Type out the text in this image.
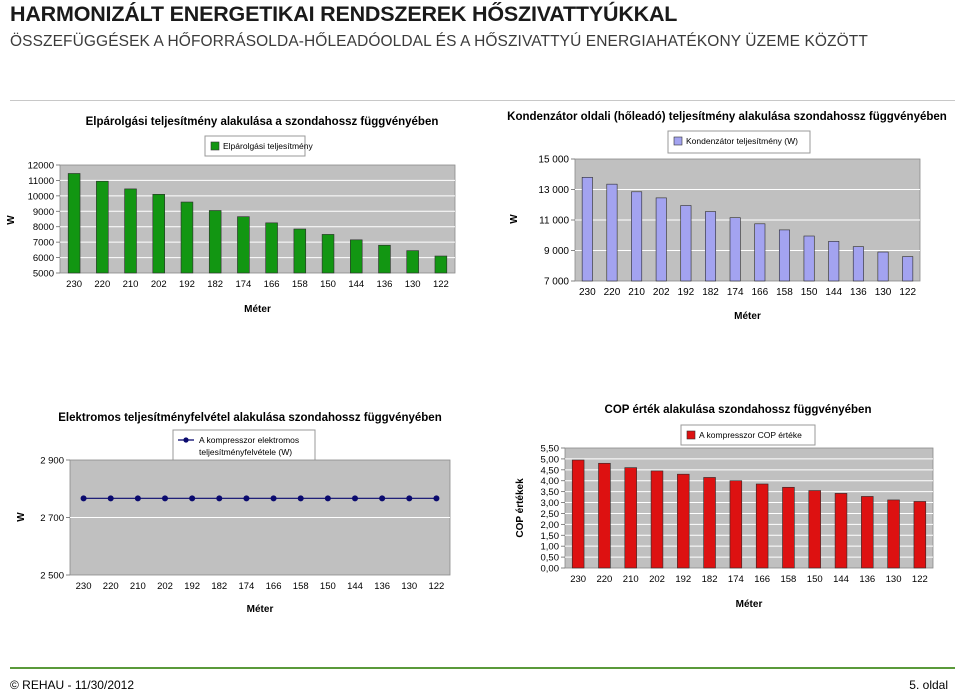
HARMONIZÁLT ENERGETIKAI RENDSZEREK HŐSZIVATTYÚKKAL
ÖSSZEFÜGGÉSEK A HŐFORRÁSOLDA-HŐLEADÓOLDAL ÉS A HŐSZIVATTYÚ ENERGIAHATÉKONY ÜZEME KÖZÖTT
Elpárolgási teljesítmény alakulása a szondahossz függvényében
Elpárolgási teljesítmény
5000
6000
7000
8000
9000
10000
11000
12000
230 220 210 202 192 182 174 166 158 150 144 136 130 122
W
Méter
Kondenzátor oldali (hőleadó) teljesítmény alakulása szondahossz függvényében
Kondenzátor teljesítmény (W)
7 000
9 000
11 000
13 000
15 000
230 220 210 202 192 182 174 166 158 150 144 136 130 122
W
Méter
Elektromos teljesítményfelvétel alakulása szondahossz függvényében
A kompresszor elektromos
teljesítményfelvétele (W)
2 500
2 700
2 900
230 220 210 202 192 182 174 166 158 150 144 136 130 122
W
Méter
COP érték alakulása szondahossz függvényében
A kompresszor COP értéke
0,00
0,50
1,00
1,50
2,00
2,50
3,00
3,50
4,00
4,50
5,00
5,50
230 220 210 202 192 182 174 166 158 150 144 136 130 122
COP értékek
Méter
© REHAU - 11/30/2012	5. oldal
